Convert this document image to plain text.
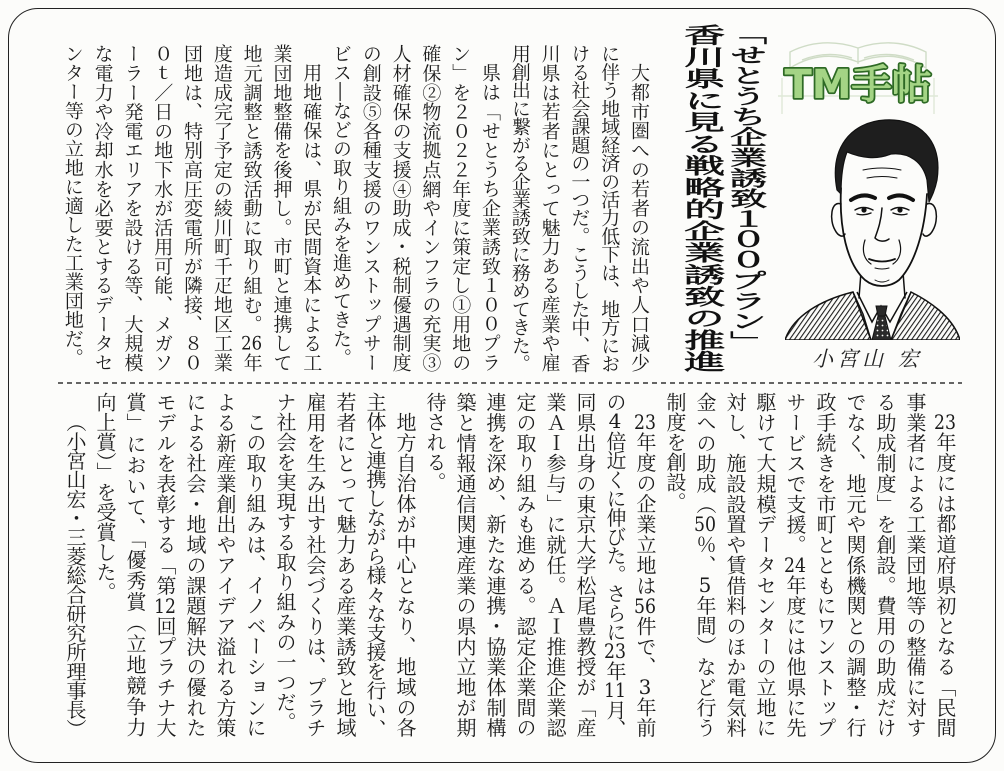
「せとうち企業誘致１００プラン」
香川県に見る戦略的企業誘致の推進 TM手帖
小宮山 宏
大都市圏への若者の流出や人口減少
に伴う地域経済の活力低下は、地方にお
ける社会課題の一つだ。こうした中、香
川県は若者にとって魅力ある産業や雇
用創出に繋がる企業誘致に務めてきた。
県は「せとうち企業誘致１００プラ
ン」を２０２２年度に策定し①用地の
確保②物流拠点網やインフラの充実③
人材確保の支援④助成・税制優遇制度
の創設⑤各種支援のワンストップサー
ビス―などの取り組みを進めてきた。
用地確保は、県が民間資本による工
業団地整備を後押し。市町と連携して
地元調整と誘致活動に取り組む。26年
度造成完了予定の綾川町千疋地区工業
団地は、特別高圧変電所が隣接、８０
０ｔ／日の地下水が活用可能、メガソ
ーラー発電エリアを設ける等、大規模
な電力や冷却水を必要とするデータセ
ンター等の立地に適した工業団地だ。
23年度には都道府県初となる「民間
事業者による工業団地等の整備に対す
る助成制度」を創設。費用の助成だけ
でなく、地元や関係機関との調整・行
政手続きを市町とともにワンストップ
サービスで支援。24年度には他県に先
駆けて大規模データセンターの立地に
対し、施設設置や賃借料のほか電気料
金への助成（50％、5年間）など行う
制度を創設。
23年度の企業立地は56件で、3年前
の4倍近くに伸びた。さらに23年11月、
同県出身の東京大学松尾豊教授が「産
業ＡＩ参与」に就任。ＡＩ推進企業認
定の取り組みも進める。認定企業間の
連携を深め、新たな連携・協業体制構
築と情報通信関連産業の県内立地が期
待される。
地方自治体が中心となり、地域の各
主体と連携しながら様々な支援を行い、
若者にとって魅力ある産業誘致と地域
雇用を生み出す社会づくりは、プラチ
ナ社会を実現する取り組みの一つだ。
この取り組みは、イノベーションに
よる新産業創出やアイデア溢れる方策
による社会・地域の課題解決の優れた
モデルを表彰する「第12回プラチナ大
賞」において、「優秀賞（立地競争力
向上賞）」を受賞した。
（小宮山宏・三菱総合研究所理事長）
